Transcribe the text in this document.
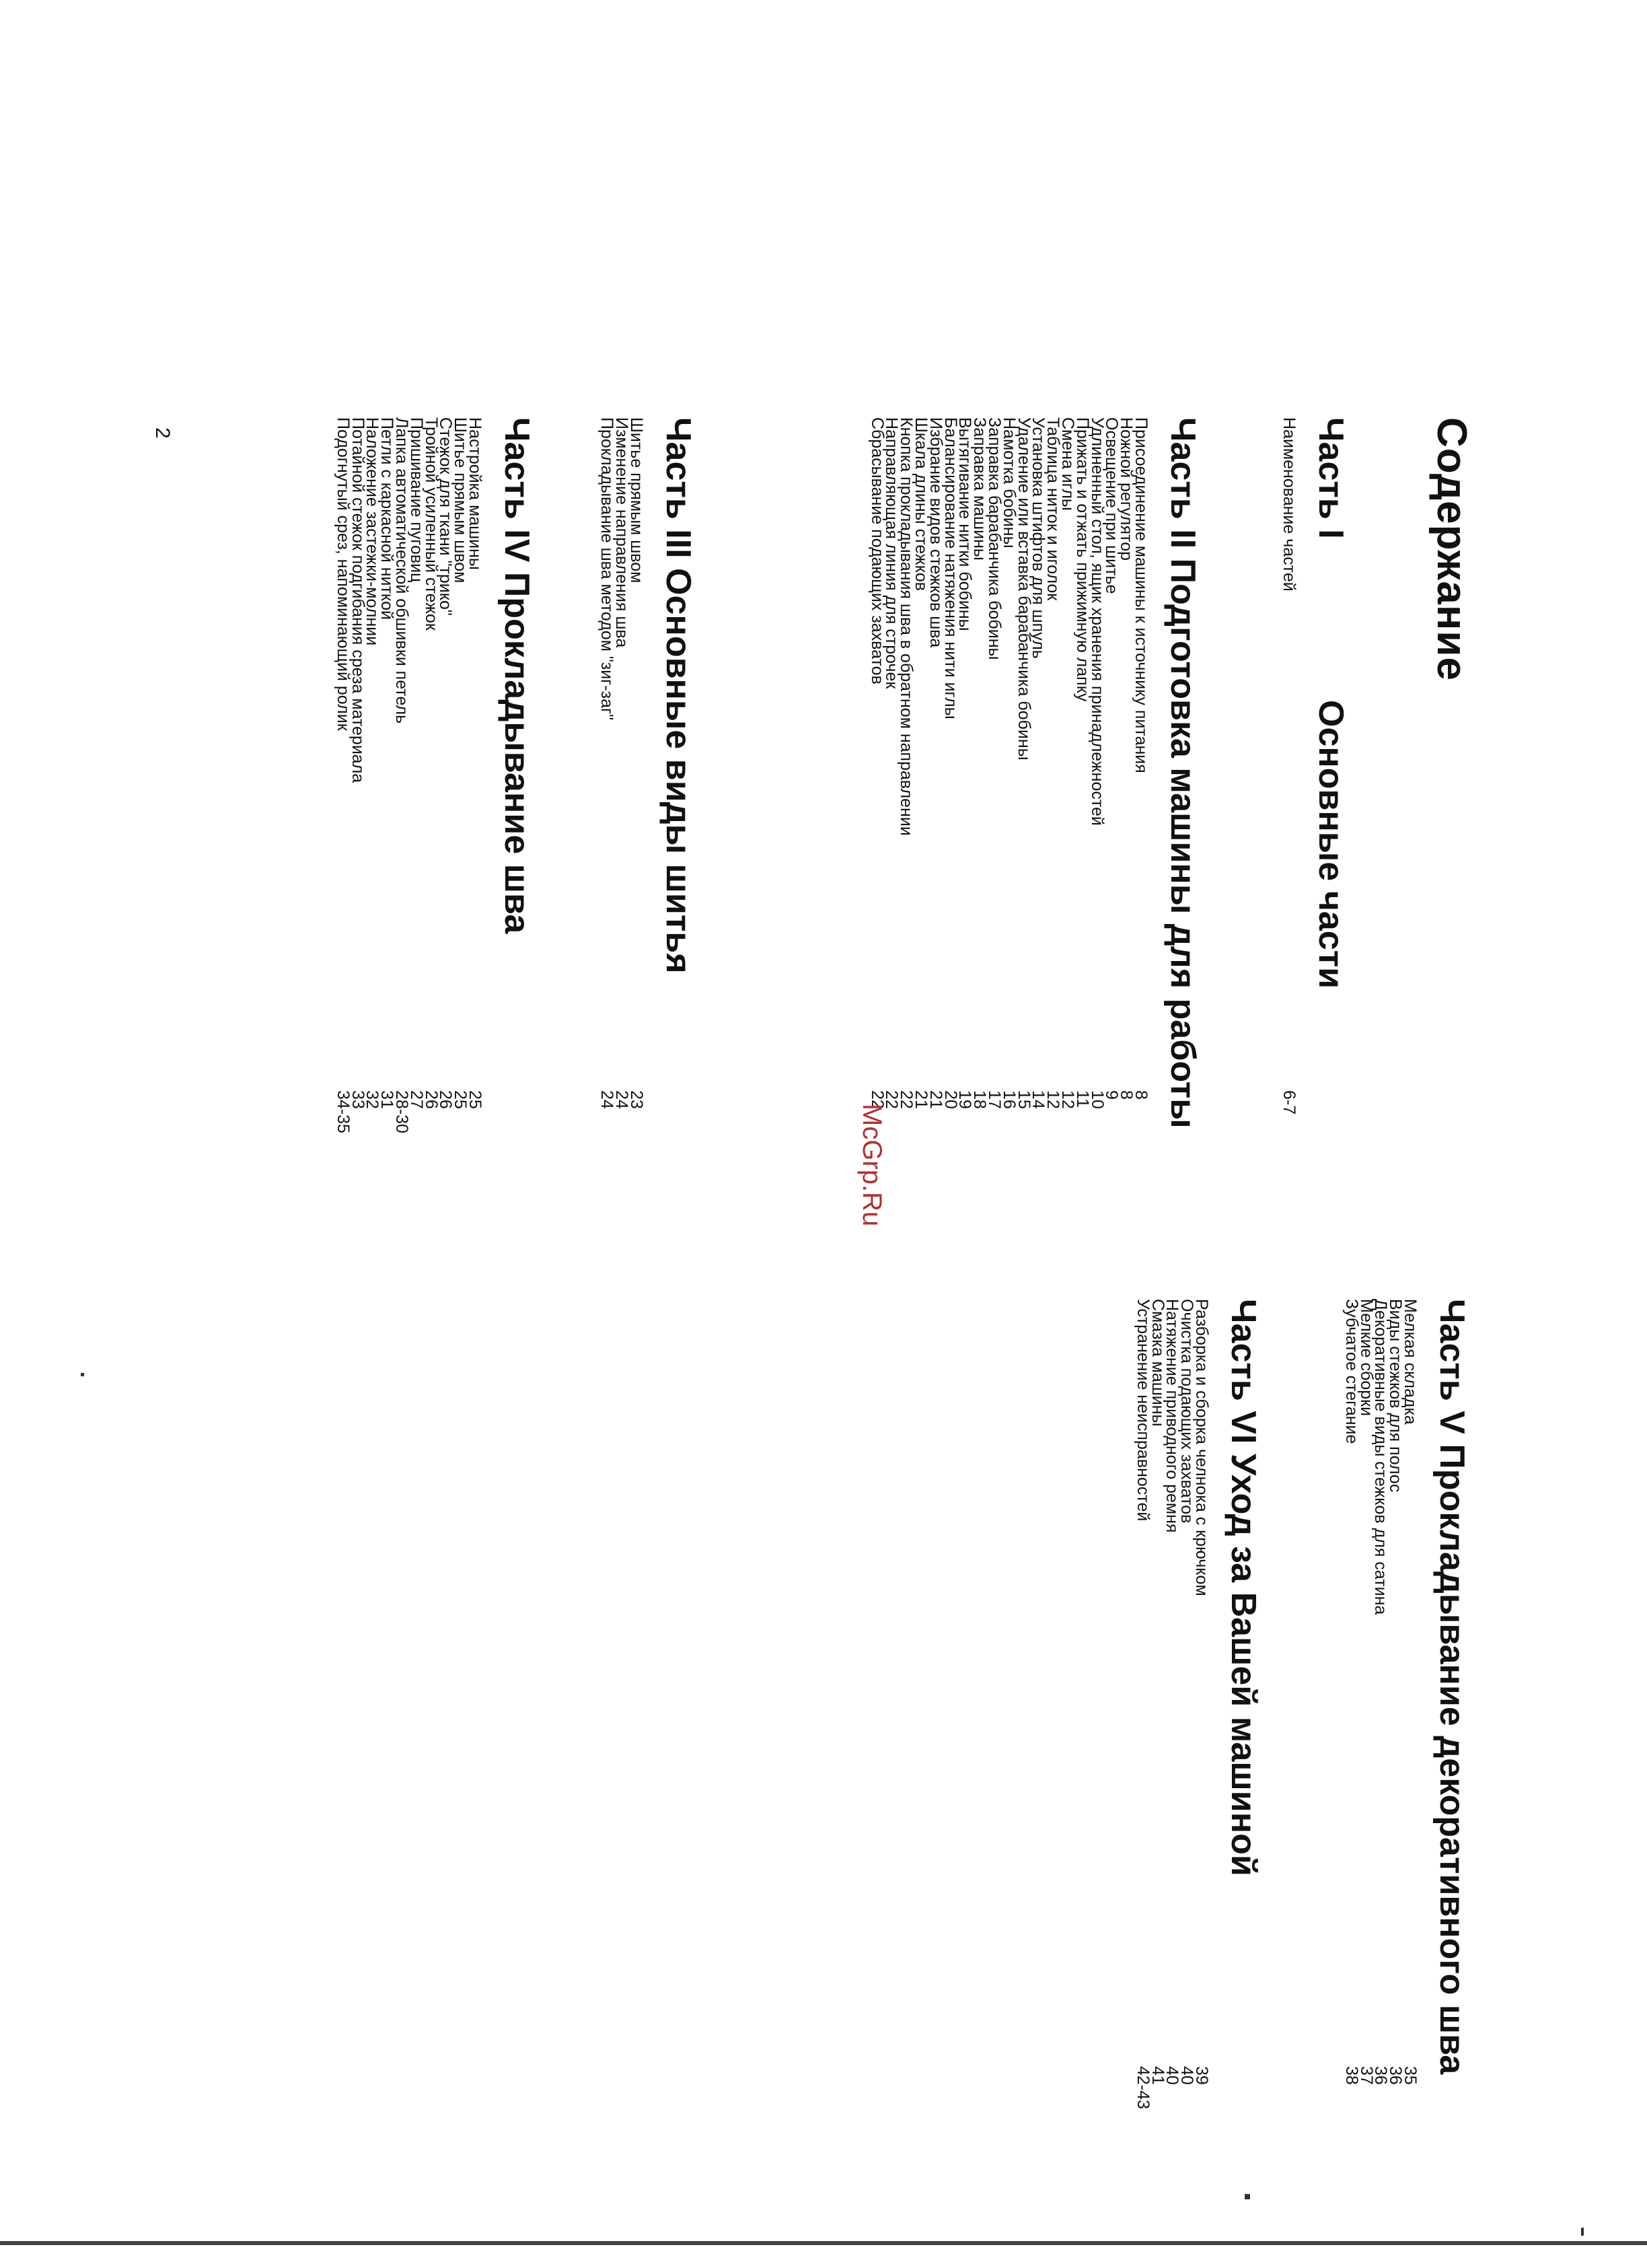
Содержание
Часть IОсновные части
Наименование частей
6-7
Часть II Подготовка машины для работы
Присоединение машины к источнику питания
8
Ножной регулятор
8
Освещение при шитье
9
Удлиненный стол, ящик хранения принадлежностей
10
Прижать и отжать прижимную лапку
11
Смена иглы
12
Таблица ниток и иголок
12
Установка штифтов для шпуль
14
Удаление или вставка барабанчика бобины
15
Намотка бобины
16
Заправка барабанчика бобины
17
Заправка машины
18
Вытягивание нитки бобины
19
Балансирование натяжения нити иглы
20
Избрание видов стежков шва
21
Шкала длины стежков
21
Кнопка прокладывания шва в обратном направлении
22
Направляющая линия для строчек
22
Сбрасывание подающих захватов
22
Часть III Основные виды шитья
Шитье прямым швом
23
Изменение направления шва
24
Прокладывание шва методом "зиг-заг"
24
Часть IV Прокладывание шва
Настройка машины
25
Шитье прямым швом
25
Стежок для ткани "трико"
26
Тройной усиленный стежок
26
Пришивание пуговиц
27
Лапка автоматической обшивки петель
28-30
Петли с каркасной ниткой
31
Наложение застежки-молнии
32
Потайной стежок подгибания среза материала
33
Подогнутый срез, напоминающий ролик
34-35
Часть V Прокладывание декоративного шва
Мелкая складка
35
Виды стежков для полос
36
Декоративные виды стежков для сатина
36
Мелкие сборки
37
Зубчатое стегание
38
Часть VI Уход за Вашей машиной
Разборка и сборка челнока с крючком
39
Очистка подающих захватов
40
Натяжение приводного ремня
40
Смазка машины
41
Устранение неисправностей
42-43
McGrp.Ru
2
